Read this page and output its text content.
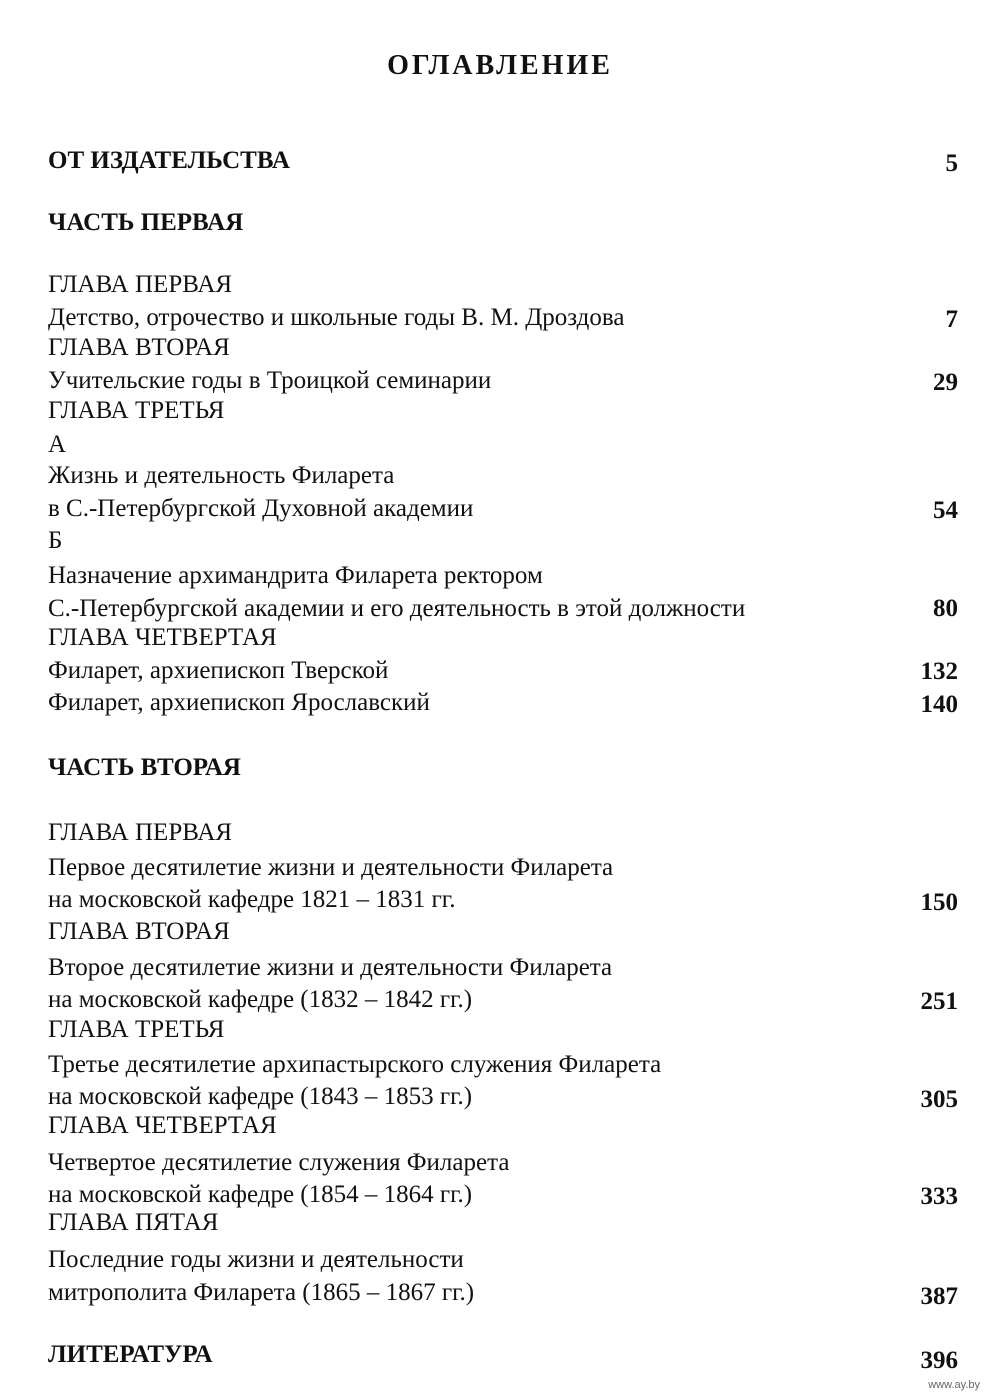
ОГЛАВЛЕНИЕ
ОТ ИЗДАТЕЛЬСТВА	5
ЧАСТЬ ПЕРВАЯ
ГЛАВА ПЕРВАЯ
Детство, отрочество и школьные годы В. М. Дроздова	7
ГЛАВА ВТОРАЯ
Учительские годы в Троицкой семинарии	29
ГЛАВА ТРЕТЬЯ
А
Жизнь и деятельность Филарета
в С.-Петербургской Духовной академии	54
Б
Назначение архимандрита Филарета ректором
С.-Петербургской академии и его деятельность в этой должности	80
ГЛАВА ЧЕТВЕРТАЯ
Филарет, архиепископ Тверской	132
Филарет, архиепископ Ярославский	140
ЧАСТЬ ВТОРАЯ
ГЛАВА ПЕРВАЯ
Первое десятилетие жизни и деятельности Филарета
на московской кафедре 1821 – 1831 гг.	150
ГЛАВА ВТОРАЯ
Второе десятилетие жизни и деятельности Филарета
на московской кафедре (1832 – 1842 гг.)	251
ГЛАВА ТРЕТЬЯ
Третье десятилетие архипастырского служения Филарета
на московской кафедре (1843 – 1853 гг.)	305
ГЛАВА ЧЕТВЕРТАЯ
Четвертое десятилетие служения Филарета
на московской кафедре (1854 – 1864 гг.)	333
ГЛАВА ПЯТАЯ
Последние годы жизни и деятельности
митрополита Филарета (1865 – 1867 гг.)	387
ЛИТЕРАТУРА	396
www.ay.by
